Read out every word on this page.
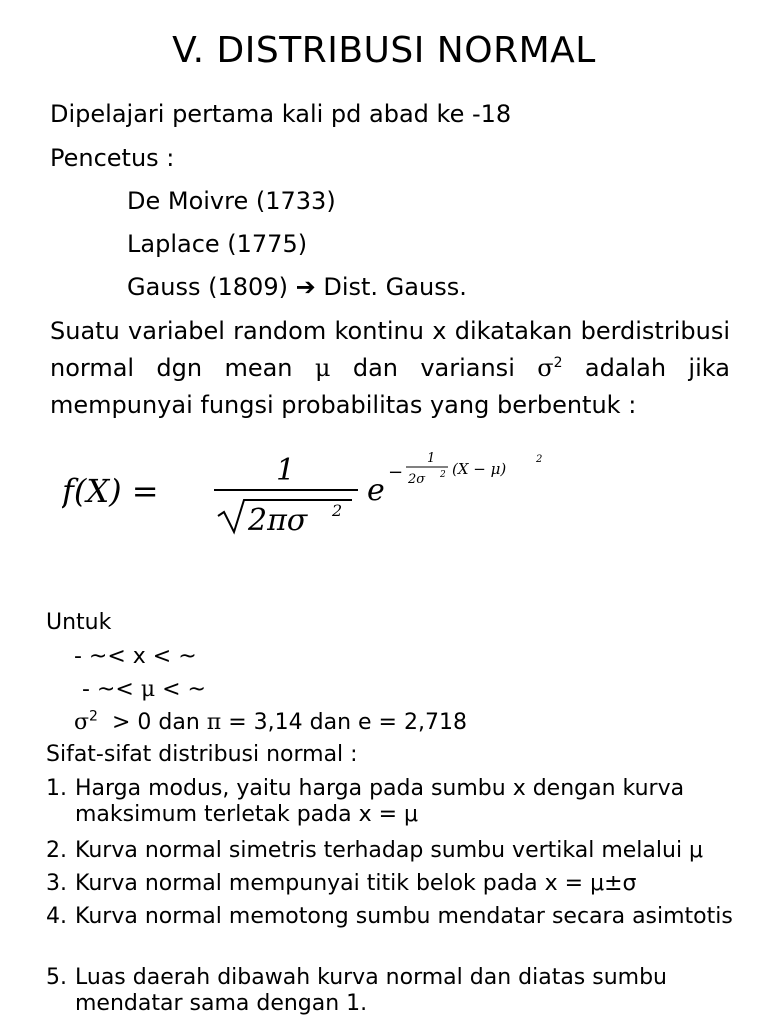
V. DISTRIBUSI NORMAL
Dipelajari pertama kali pd abad ke -18
Pencetus :
De Moivre (1733)
Laplace (1775)
Gauss (1809) ➔ Dist. Gauss.
Suatu variabel random kontinu x dikatakan berdistribusi normal dgn mean μ dan variansi $\sigma^2$ adalah jika mempunyai fungsi probabilitas yang berbentuk :
f(X) =
1
2πσ 2
e
−
1
2σ 2 (X − μ)
2
Untuk
- ~< x < ~
- ~< μ < ~
$\sigma^2 > 0$ dan π = 3,14 dan e = 2,718
Sifat-sifat distribusi normal :
1. Harga modus, yaitu harga pada sumbu x dengan kurva maksimum terletak pada x = μ
2. Kurva normal simetris terhadap sumbu vertikal melalui μ
3. Kurva normal mempunyai titik belok pada x = μ±σ
4. Kurva normal memotong sumbu mendatar secara asimtotis
5. Luas daerah dibawah kurva normal dan diatas sumbu mendatar sama dengan 1.
